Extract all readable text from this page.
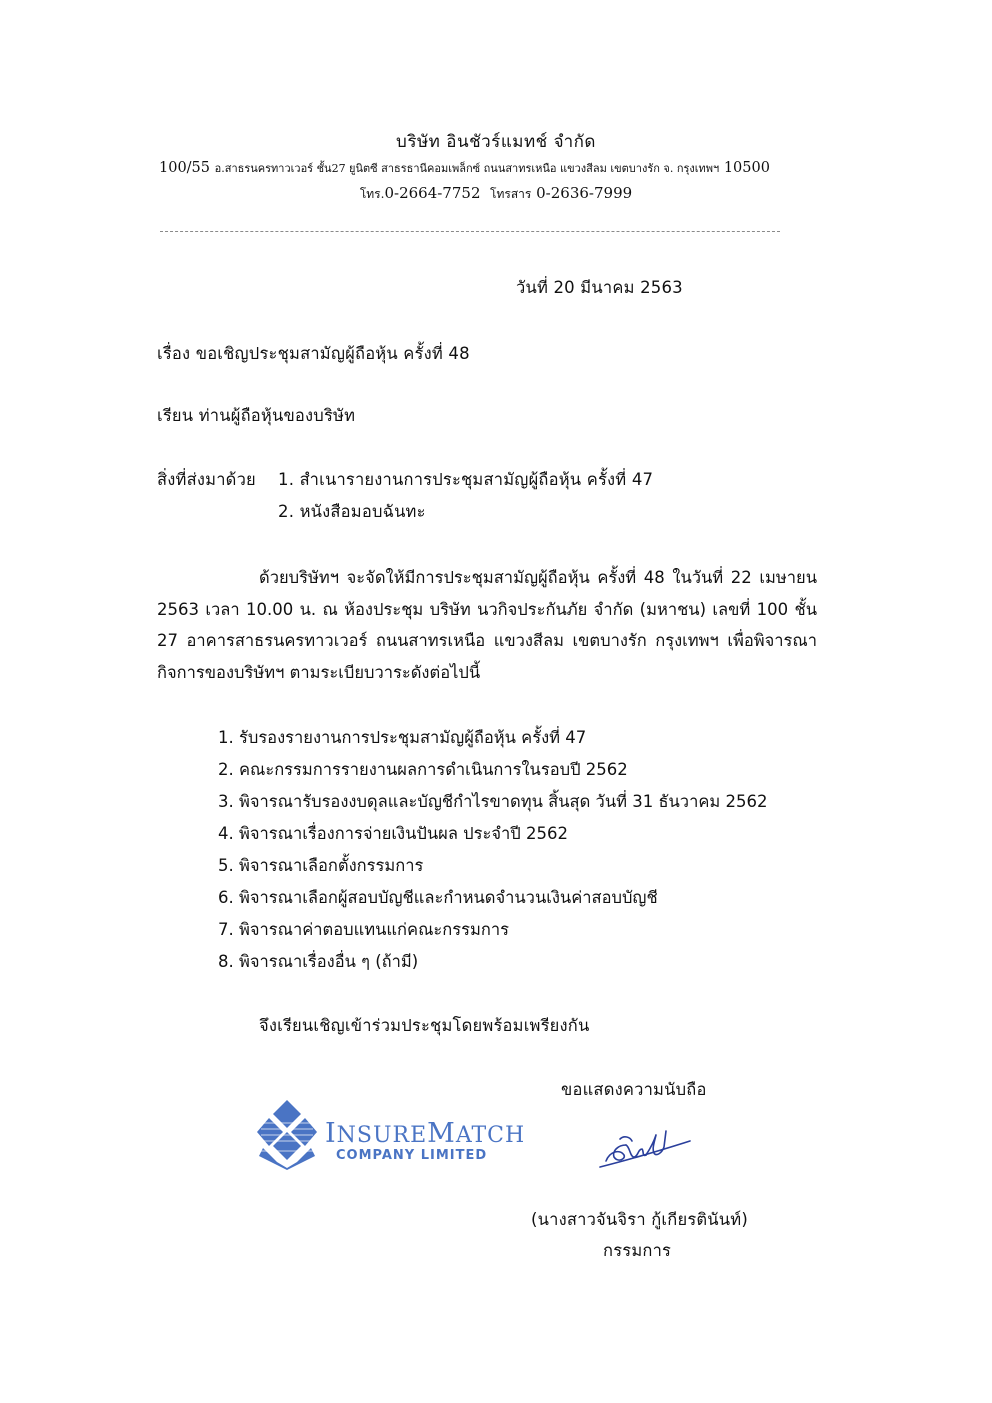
บริษัท อินชัวร์แมทช์ จำกัด
100/55 อ.สาธรนครทาวเวอร์ ชั้น27 ยูนิตซี สาธรธานีคอมเพล็กซ์ ถนนสาทรเหนือ แขวงสีลม เขตบางรัก จ. กรุงเทพฯ 10500
โทร.0-2664-7752 โทรสาร 0-2636-7999
วันที่ 20 มีนาคม 2563
เรื่อง ขอเชิญประชุมสามัญผู้ถือหุ้น ครั้งที่ 48
เรียน ท่านผู้ถือหุ้นของบริษัท
สิ่งที่ส่งมาด้วย 1. สำเนารายงานการประชุมสามัญผู้ถือหุ้น ครั้งที่ 47
2. หนังสือมอบฉันทะ
ด้วยบริษัทฯ จะจัดให้มีการประชุมสามัญผู้ถือหุ้น ครั้งที่ 48 ในวันที่ 22 เมษายน 2563 เวลา 10.00 น. ณ ห้องประชุม บริษัท นวกิจประกันภัย จำกัด (มหาชน) เลขที่ 100 ชั้น 27 อาคารสาธรนครทาวเวอร์ ถนนสาทรเหนือ แขวงสีลม เขตบางรัก กรุงเทพฯ เพื่อพิจารณากิจการของบริษัทฯ ตามระเบียบวาระดังต่อไปนี้
1. รับรองรายงานการประชุมสามัญผู้ถือหุ้น ครั้งที่ 47
2. คณะกรรมการรายงานผลการดำเนินการในรอบปี 2562
3. พิจารณารับรองงบดุลและบัญชีกำไรขาดทุน สิ้นสุด วันที่ 31 ธันวาคม 2562
4. พิจารณาเรื่องการจ่ายเงินปันผล ประจำปี 2562
5. พิจารณาเลือกตั้งกรรมการ
6. พิจารณาเลือกผู้สอบบัญชีและกำหนดจำนวนเงินค่าสอบบัญชี
7. พิจารณาค่าตอบแทนแก่คณะกรรมการ
8. พิจารณาเรื่องอื่น ๆ (ถ้ามี)
จึงเรียนเชิญเข้าร่วมประชุมโดยพร้อมเพรียงกัน
ขอแสดงความนับถือ
INSUREMATCH
COMPANY LIMITED
(นางสาวจันจิรา กู้เกียรตินันท์)
กรรมการ
